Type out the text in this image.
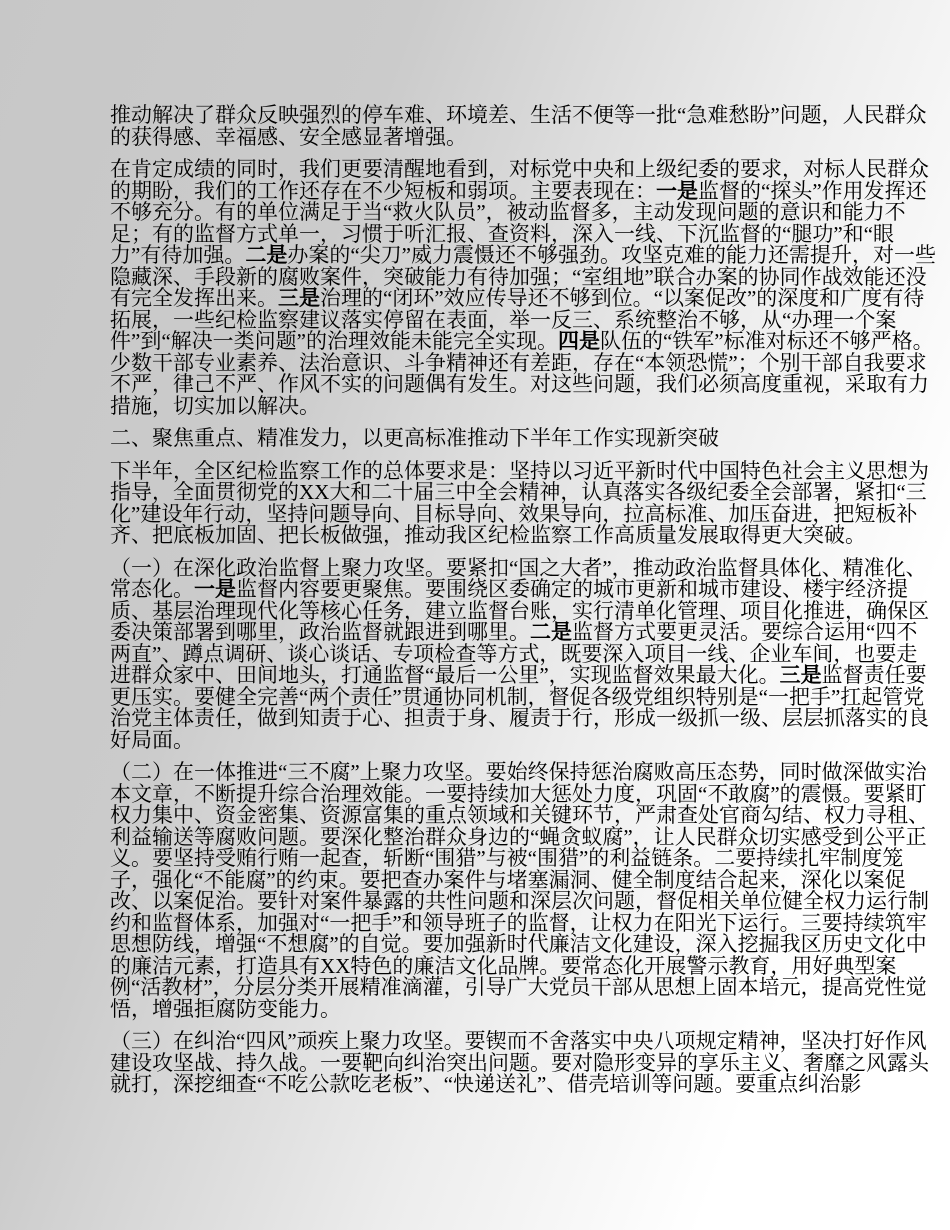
推动解决了群众反映强烈的停车难、环境差、生活不便等一批“急难愁盼”问题，人民群众的获得感、幸福感、安全感显著增强。

在肯定成绩的同时，我们更要清醒地看到，对标党中央和上级纪委的要求，对标人民群众的期盼，我们的工作还存在不少短板和弱项。主要表现在：一是监督的“探头”作用发挥还不够充分。有的单位满足于当“救火队员”，被动监督多，主动发现问题的意识和能力不足；有的监督方式单一，习惯于听汇报、查资料，深入一线、下沉监督的“腿功”和“眼力”有待加强。二是办案的“尖刀”威力震慑还不够强劲。攻坚克难的能力还需提升，对一些隐藏深、手段新的腐败案件，突破能力有待加强；“室组地”联合办案的协同作战效能还没有完全发挥出来。三是治理的“闭环”效应传导还不够到位。“以案促改”的深度和广度有待拓展，一些纪检监察建议落实停留在表面，举一反三、系统整治不够，从“办理一个案件”到“解决一类问题”的治理效能未能完全实现。四是队伍的“铁军”标准对标还不够严格。少数干部专业素养、法治意识、斗争精神还有差距，存在“本领恐慌”；个别干部自我要求不严，律己不严、作风不实的问题偶有发生。对这些问题，我们必须高度重视，采取有力措施，切实加以解决。

二、聚焦重点、精准发力，以更高标准推动下半年工作实现新突破

下半年，全区纪检监察工作的总体要求是：坚持以习近平新时代中国特色社会主义思想为指导，全面贯彻党的XX大和二十届三中全会精神，认真落实各级纪委全会部署，紧扣“三化”建设年行动，坚持问题导向、目标导向、效果导向，拉高标准、加压奋进，把短板补齐、把底板加固、把长板做强，推动我区纪检监察工作高质量发展取得更大突破。

（一）在深化政治监督上聚力攻坚。要紧扣“国之大者”，推动政治监督具体化、精准化、常态化。一是监督内容要更聚焦。要围绕区委确定的城市更新和城市建设、楼宇经济提质、基层治理现代化等核心任务，建立监督台账，实行清单化管理、项目化推进，确保区委决策部署到哪里，政治监督就跟进到哪里。二是监督方式要更灵活。要综合运用“四不两直”、蹲点调研、谈心谈话、专项检查等方式，既要深入项目一线、企业车间，也要走进群众家中、田间地头，打通监督“最后一公里”，实现监督效果最大化。三是监督责任要更压实。要健全完善“两个责任”贯通协同机制，督促各级党组织特别是“一把手”扛起管党治党主体责任，做到知责于心、担责于身、履责于行，形成一级抓一级、层层抓落实的良好局面。

（二）在一体推进“三不腐”上聚力攻坚。要始终保持惩治腐败高压态势，同时做深做实治本文章，不断提升综合治理效能。一要持续加大惩处力度，巩固“不敢腐”的震慑。要紧盯权力集中、资金密集、资源富集的重点领域和关键环节，严肃查处官商勾结、权力寻租、利益输送等腐败问题。要深化整治群众身边的“蝇贪蚁腐”，让人民群众切实感受到公平正义。要坚持受贿行贿一起查，斩断“围猎”与被“围猎”的利益链条。二要持续扎牢制度笼子，强化“不能腐”的约束。要把查办案件与堵塞漏洞、健全制度结合起来，深化以案促改、以案促治。要针对案件暴露的共性问题和深层次问题，督促相关单位健全权力运行制约和监督体系，加强对“一把手”和领导班子的监督，让权力在阳光下运行。三要持续筑牢思想防线，增强“不想腐”的自觉。要加强新时代廉洁文化建设，深入挖掘我区历史文化中的廉洁元素，打造具有XX特色的廉洁文化品牌。要常态化开展警示教育，用好典型案例“活教材”，分层分类开展精准滴灌，引导广大党员干部从思想上固本培元，提高党性觉悟，增强拒腐防变能力。

（三）在纠治“四风”顽疾上聚力攻坚。要锲而不舍落实中央八项规定精神，坚决打好作风建设攻坚战、持久战。一要靶向纠治突出问题。要对隐形变异的享乐主义、奢靡之风露头就打，深挖细查“不吃公款吃老板”、“快递送礼”、借壳培训等问题。要重点纠治影
